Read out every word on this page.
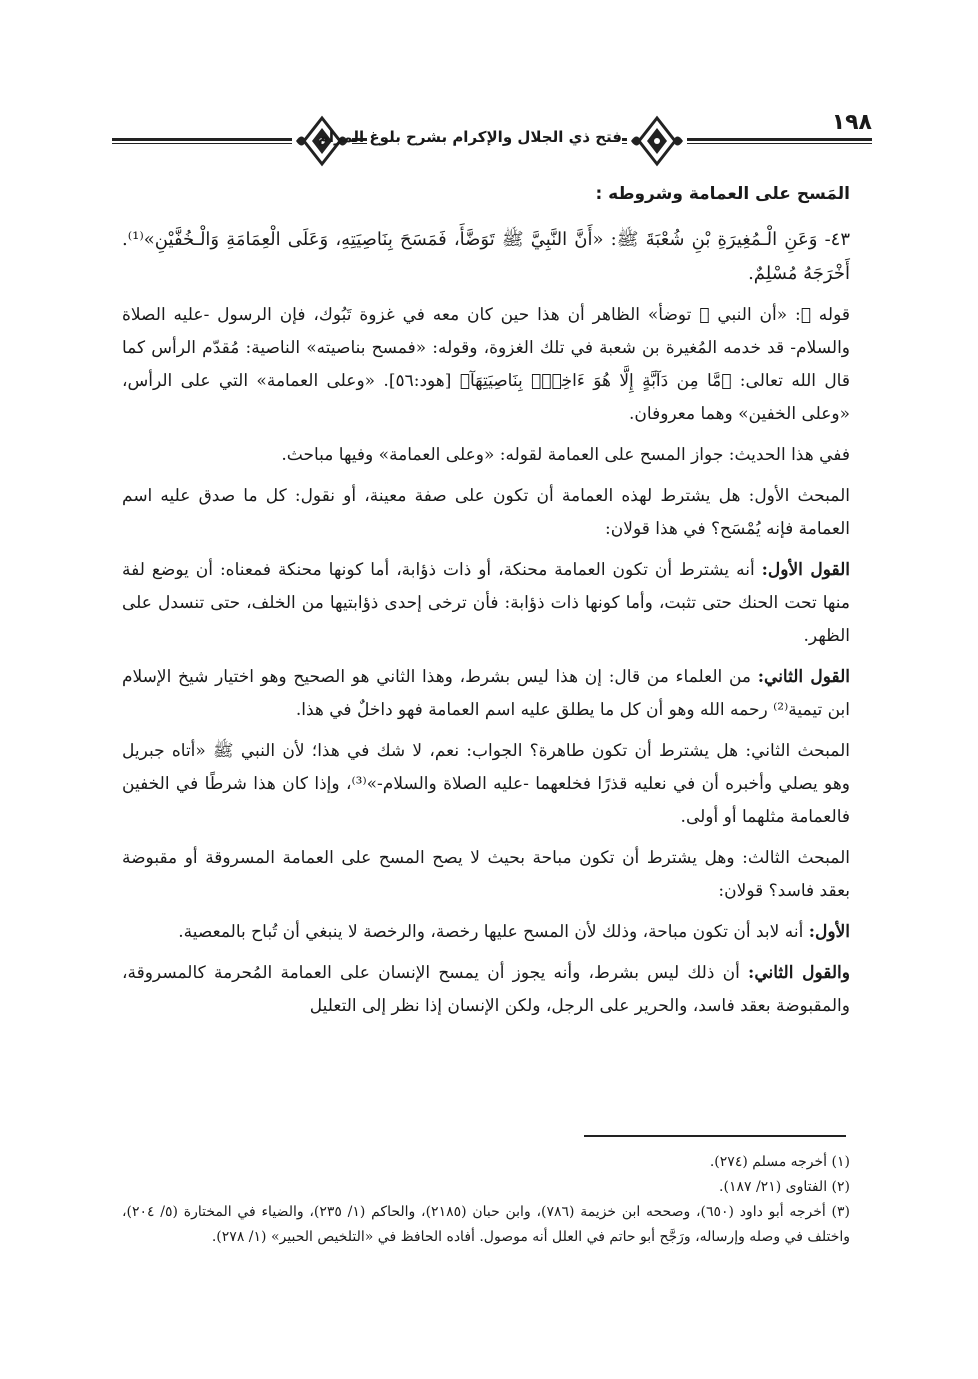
١٩٨
فتح ذي الجلال والإكرام بشرح بلوغ المرام

المَسح على العمامة وشروطه :

٤٣- وَعَنِ الْـمُغِيرَةِ بْنِ شُعْبَةَ ﷺ: «أَنَّ النَّبِيَّ ﷺ تَوَضَّأَ، فَمَسَحَ بِنَاصِيَتِهِ، وَعَلَى الْعِمَامَةِ وَالْـخُفَّيْنِ»⁽¹⁾. أَخْرَجَهُ مُسْلِمٌ.

قوله ﷺ: «أن النبي ﷺ توضأ» الظاهر أن هذا حين كان معه في غزوة تَبُوك، فإن الرسول -عليه الصلاة والسلام- قد خدمه المُغيرة بن شعبة في تلك الغزوة، وقوله: «فمسح بناصيته» الناصية: مُقدّم الرأس كما قال الله تعالى: ﴿مَّا مِن دَآبَّةٍ إِلَّا هُوَ ءَاخِذُۢ بِنَاصِيَتِهَآ﴾ [هود:٥٦]. «وعلى العمامة» التي على الرأس، «وعلى الخفين» وهما معروفان.

ففي هذا الحديث: جواز المسح على العمامة لقوله: «وعلى العمامة» وفيها مباحث.

المبحث الأول: هل يشترط لهذه العمامة أن تكون على صفة معينة، أو نقول: كل ما صدق عليه اسم العمامة فإنه يُمْسَح؟ في هذا قولان:

القول الأول: أنه يشترط أن تكون العمامة محنكة، أو ذات ذؤابة، أما كونها محنكة فمعناه: أن يوضع لفة منها تحت الحنك حتى تثبت، وأما كونها ذات ذؤابة: فأن ترخى إحدى ذؤابتيها من الخلف، حتى تنسدل على الظهر.

القول الثاني: من العلماء من قال: إن هذا ليس بشرط، وهذا الثاني هو الصحيح وهو اختيار شيخ الإسلام ابن تيمية⁽²⁾ رحمه الله وهو أن كل ما يطلق عليه اسم العمامة فهو داخلٌ في هذا.

المبحث الثاني: هل يشترط أن تكون طاهرة؟ الجواب: نعم، لا شك في هذا؛ لأن النبي ﷺ «أتاه جبريل وهو يصلي وأخبره أن في نعليه قذرًا فخلعهما -عليه الصلاة والسلام-»⁽³⁾، وإذا كان هذا شرطًا في الخفين فالعمامة مثلهما أو أولى.

المبحث الثالث: وهل يشترط أن تكون مباحة بحيث لا يصح المسح على العمامة المسروقة أو مقبوضة بعقد فاسد؟ قولان:

الأول: أنه لابد أن تكون مباحة، وذلك لأن المسح عليها رخصة، والرخصة لا ينبغي أن تُباح بالمعصية.

والقول الثاني: أن ذلك ليس بشرط، وأنه يجوز أن يمسح الإنسان على العمامة المُحرمة كالمسروقة، والمقبوضة بعقد فاسد، والحرير على الرجل، ولكن الإنسان إذا نظر إلى التعليل

(١) أخرجه مسلم (٢٧٤).

(٢) الفتاوى (٢١/ ١٨٧).

(٣) أخرجه أبو داود (٦٥٠)، وصححه ابن خزيمة (٧٨٦)، وابن حبان (٢١٨٥)، والحاكم (١/ ٢٣٥)، والضياء في المختارة (٥/ ٢٠٤)، واختلف في وصله وإرساله، ورَجَّح أبو حاتم في العلل أنه موصول. أفاده الحافظ في «التلخيص الحبير» (١/ ٢٧٨).
